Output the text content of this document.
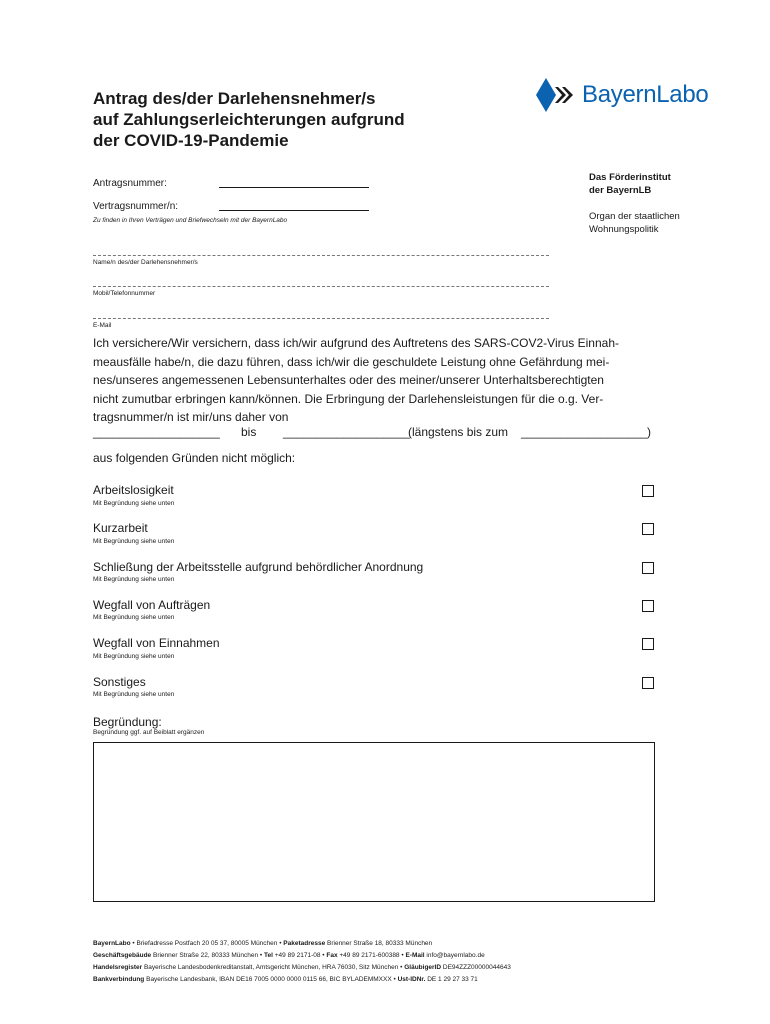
Antrag des/der Darlehensnehmer/s
auf Zahlungserleichterungen aufgrund
der COVID-19-Pandemie
BayernLabo
Das Förderinstitut
der BayernLB
Organ der staatlichen
Wohnungspolitik
Antragsnummer:
Vertragsnummer/n:
Zu finden in Ihren Verträgen und Briefwechseln mit der BayernLabo
Name/n des/der Darlehensnehmer/s
Mobil/Telefonnummer
E-Mail
Ich versichere/Wir versichern, dass ich/wir aufgrund des Auftretens des SARS-COV2-Virus Einnah-
meausfälle habe/n, die dazu führen, dass ich/wir die geschuldete Leistung ohne Gefährdung mei-
nes/unseres angemessenen Lebensunterhaltes oder des meiner/unserer Unterhaltsberechtigten
nicht zumutbar erbringen kann/können. Die Erbringung der Darlehensleistungen für die o.g. Ver-
tragsnummer/n ist mir/uns daher von
___________________ bis ___________________
(längstens bis zum ___________________ )
aus folgenden Gründen nicht möglich:
Arbeitslosigkeit
Mit Begründung siehe unten
Kurzarbeit
Mit Begründung siehe unten
Schließung der Arbeitsstelle aufgrund behördlicher Anordnung
Mit Begründung siehe unten
Wegfall von Aufträgen
Mit Begründung siehe unten
Wegfall von Einnahmen
Mit Begründung siehe unten
Sonstiges
Mit Begründung siehe unten
Begründung:
Begründung ggf. auf Beiblatt ergänzen
BayernLabo • Briefadresse Postfach 20 05 37, 80005 München • Paketadresse Brienner Straße 18, 80333 München
Geschäftsgebäude Brienner Straße 22, 80333 München • Tel +49 89 2171-08 • Fax +49 89 2171-600388 • E-Mail info@bayernlabo.de
Handelsregister Bayerische Landesbodenkreditanstalt, Amtsgericht München, HRA 76030, Sitz München • GläubigerID DE94ZZZ00000044643
Bankverbindung Bayerische Landesbank, IBAN DE16 7005 0000 0000 0115 66, BIC BYLADEMMXXX • Ust-IDNr. DE 1 29 27 33 71
